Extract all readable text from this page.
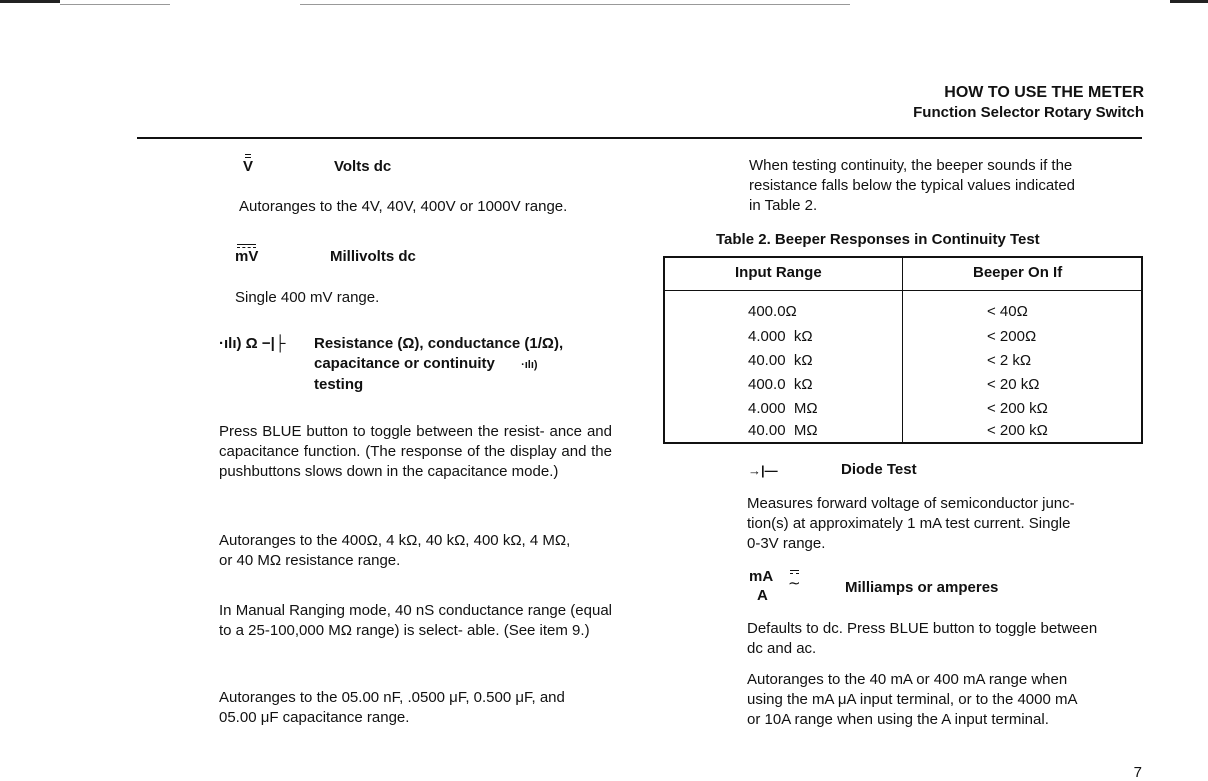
HOW TO USE THE METER
Function Selector Rotary Switch
V	Volts dc
Autoranges to the 4V, 40V, 400V or 1000V range.
mV	Millivolts dc
Single 400 mV range.
·ılı) Ω −|├ Resistance (Ω), conductance (1/Ω),
capacitance or continuity ·ılı)
testing
Press BLUE button to toggle between the resist- ance and capacitance function. (The response of the display and the pushbuttons slows down in the capacitance mode.)
Autoranges to the 400Ω, 4 kΩ, 40 kΩ, 400 kΩ, 4 MΩ,
or 40 MΩ resistance range.
In Manual Ranging mode, 40 nS conductance range (equal to a 25-100,000 MΩ range) is select- able. (See item 9.)
Autoranges to the 05.00 nF, .0500 μF, 0.500 μF, and
05.00 μF capacitance range.
When testing continuity, the beeper sounds if the
resistance falls below the typical values indicated
in Table 2.
Table 2. Beeper Responses in Continuity Test
Input Range	Beeper On If
400.0Ω	< 40Ω
4.000  kΩ	< 200Ω
40.00  kΩ	< 2 kΩ
400.0  kΩ	< 20 kΩ
4.000  MΩ	< 200 kΩ
40.00  MΩ	< 200 kΩ
→|—	Diode Test
Measures forward voltage of semiconductor junc-
tion(s) at approximately 1 mA test current. Single
0-3V range.
mA
A
∼	Milliamps or amperes
Defaults to dc. Press BLUE button to toggle between
dc and ac.
Autoranges to the 40 mA or 400 mA range when
using the mA μA input terminal, or to the 4000 mA
or 10A range when using the A input terminal.
7
